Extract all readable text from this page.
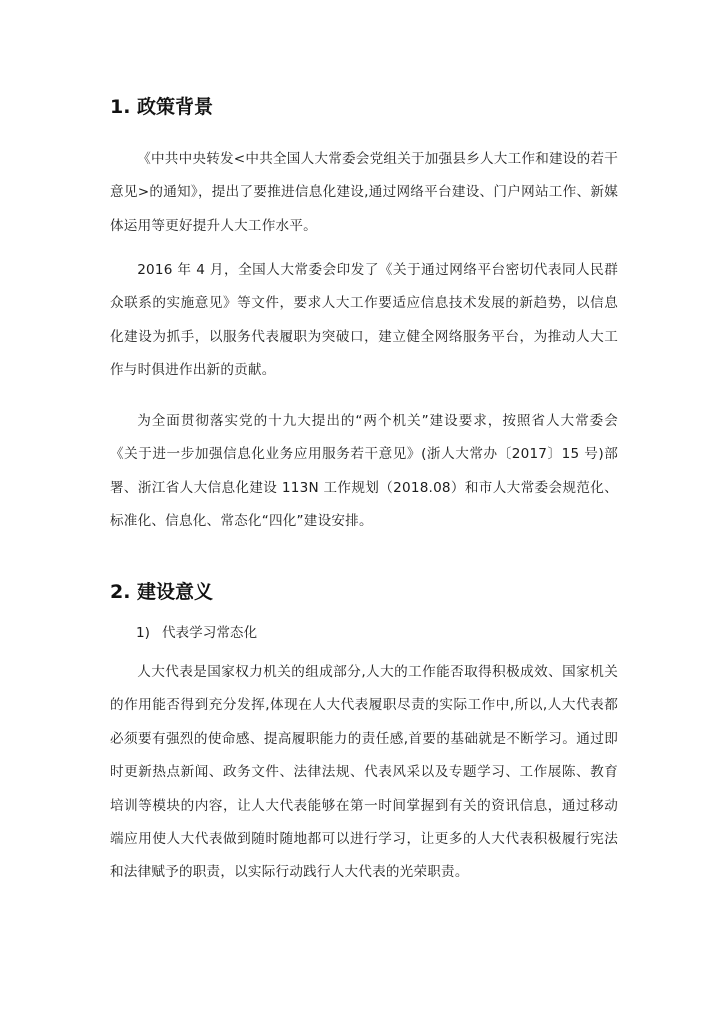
1. 政策背景

《中共中央转发<中共全国人大常委会党组关于加强县乡人大工作和建设的若干意见>的通知》，提出了要推进信息化建设,通过网络平台建设、门户网站工作、新媒体运用等更好提升人大工作水平。

2016 年 4 月，全国人大常委会印发了《关于通过网络平台密切代表同人民群众联系的实施意见》等文件，要求人大工作要适应信息技术发展的新趋势，以信息化建设为抓手，以服务代表履职为突破口，建立健全网络服务平台，为推动人大工作与时俱进作出新的贡献。

为全面贯彻落实党的十九大提出的“两个机关”建设要求，按照省人大常委会《关于进一步加强信息化业务应用服务若干意见》(浙人大常办〔2017〕15 号)部署、浙江省人大信息化建设 113N 工作规划（2018.08）和市人大常委会规范化、标准化、信息化、常态化“四化”建设安排。

2. 建设意义
1) 代表学习常态化

人大代表是国家权力机关的组成部分,人大的工作能否取得积极成效、国家机关的作用能否得到充分发挥,体现在人大代表履职尽责的实际工作中,所以,人大代表都必须要有强烈的使命感、提高履职能力的责任感,首要的基础就是不断学习。通过即时更新热点新闻、政务文件、法律法规、代表风采以及专题学习、工作展陈、教育培训等模块的内容，让人大代表能够在第一时间掌握到有关的资讯信息，通过移动端应用使人大代表做到随时随地都可以进行学习，让更多的人大代表积极履行宪法和法律赋予的职责，以实际行动践行人大代表的光荣职责。
